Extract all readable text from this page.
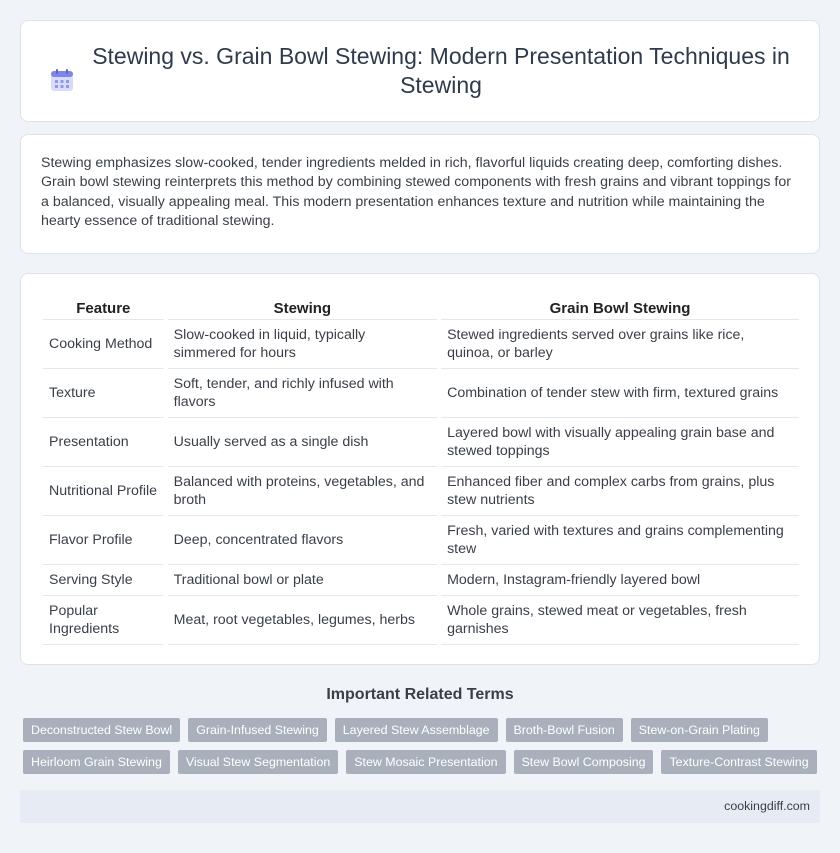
Stewing vs. Grain Bowl Stewing: Modern Presentation Techniques in Stewing

Stewing emphasizes slow-cooked, tender ingredients melded in rich, flavorful liquids creating deep, comforting dishes. Grain bowl stewing reinterprets this method by combining stewed components with fresh grains and vibrant toppings for a balanced, visually appealing meal. This modern presentation enhances texture and nutrition while maintaining the hearty essence of traditional stewing.

Feature		Stewing		Grain Bowl Stewing
Cooking Method		Slow-cooked in liquid, typically simmered for hours		Stewed ingredients served over grains like rice, quinoa, or barley
Texture		Soft, tender, and richly infused with flavors		Combination of tender stew with firm, textured grains
Presentation		Usually served as a single dish		Layered bowl with visually appealing grain base and stewed toppings
Nutritional Profile		Balanced with proteins, vegetables, and broth		Enhanced fiber and complex carbs from grains, plus stew nutrients
Flavor Profile		Deep, concentrated flavors		Fresh, varied with textures and grains complementing stew
Serving Style		Traditional bowl or plate		Modern, Instagram-friendly layered bowl
Popular Ingredients		Meat, root vegetables, legumes, herbs		Whole grains, stewed meat or vegetables, fresh garnishes
Important Related Terms
Deconstructed Stew Bowl	Grain-Infused Stewing	Layered Stew Assemblage	Broth-Bowl Fusion	Stew-on-Grain Plating
Heirloom Grain Stewing	Visual Stew Segmentation	Stew Mosaic Presentation	Stew Bowl Composing	Texture-Contrast Stewing
cookingdiff.com
